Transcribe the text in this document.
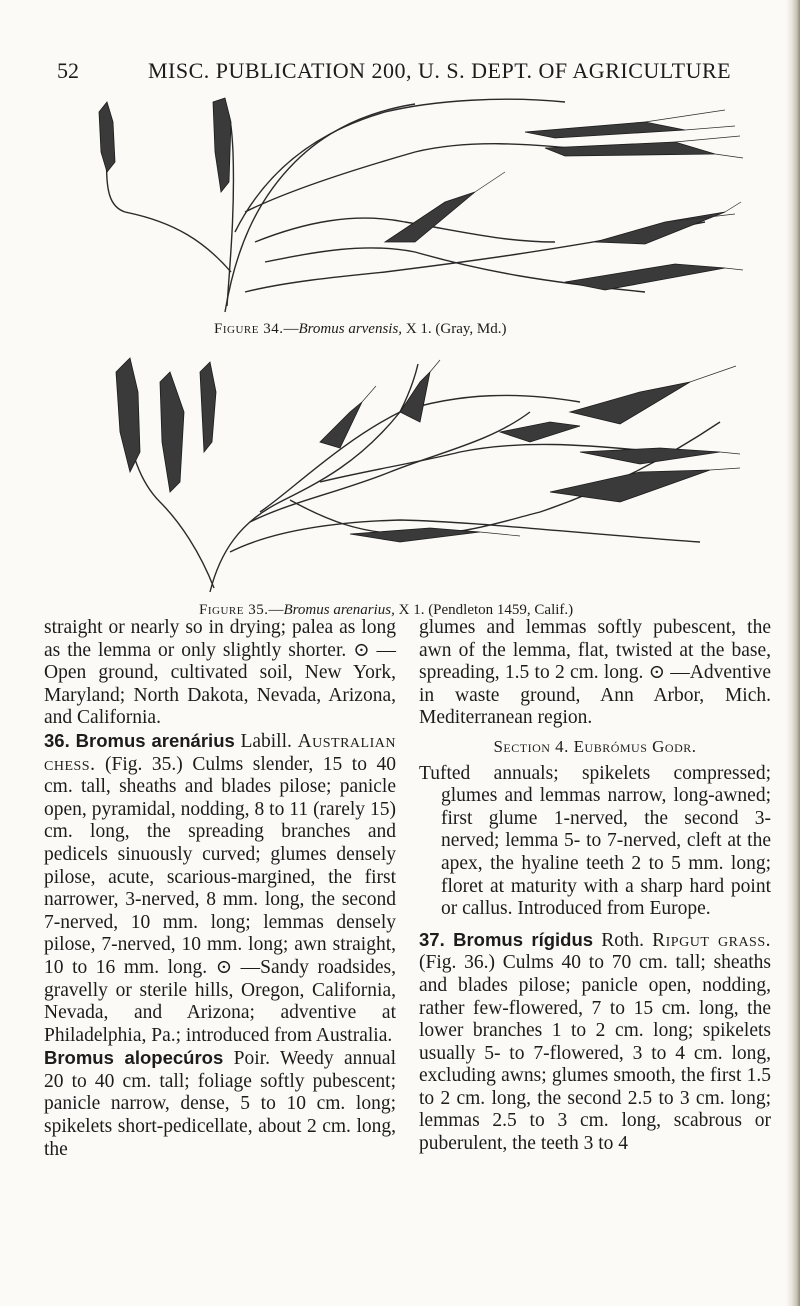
52	MISC. PUBLICATION 200, U. S. DEPT. OF AGRICULTURE
Figure 34.—Bromus arvensis, X 1. (Gray, Md.)
Figure 35.—Bromus arenarius, X 1. (Pendleton 1459, Calif.)

straight or nearly so in drying; palea as long as the lemma or only slightly shorter. ⊙ —Open ground, cultivated soil, New York, Maryland; North Dakota, Nevada, Arizona, and California.

36. Bromus arenárius Labill. Australian chess. (Fig. 35.) Culms slender, 15 to 40 cm. tall, sheaths and blades pilose; panicle open, pyramidal, nodding, 8 to 11 (rarely 15) cm. long, the spreading branches and pedicels sinuously curved; glumes densely pilose, acute, scarious-margined, the first narrower, 3-nerved, 8 mm. long, the second 7-nerved, 10 mm. long; lemmas densely pilose, 7-nerved, 10 mm. long; awn straight, 10 to 16 mm. long. ⊙ —Sandy roadsides, gravelly or sterile hills, Oregon, California, Nevada, and Arizona; adventive at Philadelphia, Pa.; introduced from Australia.

Bromus alopecúros Poir. Weedy annual 20 to 40 cm. tall; foliage softly pubescent; panicle narrow, dense, 5 to 10 cm. long; spikelets short-pedicellate, about 2 cm. long, the

glumes and lemmas softly pubescent, the awn of the lemma, flat, twisted at the base, spreading, 1.5 to 2 cm. long. ⊙ —Adventive in waste ground, Ann Arbor, Mich. Mediterranean region.

Section 4. Eubrómus Godr.

Tufted annuals; spikelets compressed; glumes and lemmas narrow, long-awned; first glume 1-nerved, the second 3-nerved; lemma 5- to 7-nerved, cleft at the apex, the hyaline teeth 2 to 5 mm. long; floret at maturity with a sharp hard point or callus. Introduced from Europe.

37. Bromus rígidus Roth. Ripgut grass. (Fig. 36.) Culms 40 to 70 cm. tall; sheaths and blades pilose; panicle open, nodding, rather few-flowered, 7 to 15 cm. long, the lower branches 1 to 2 cm. long; spikelets usually 5- to 7-flowered, 3 to 4 cm. long, excluding awns; glumes smooth, the first 1.5 to 2 cm. long, the second 2.5 to 3 cm. long; lemmas 2.5 to 3 cm. long, scabrous or puberulent, the teeth 3 to 4
